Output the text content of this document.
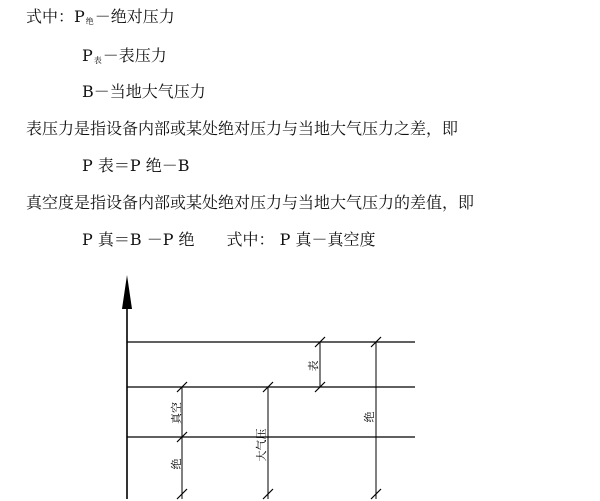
式中：$P_绝-$绝对压力
$P_表-$表压力
B－当地大气压力
表压力是指设备内部或某处绝对压力与当地大气压力之差，即
P 表＝P 绝－B
真空度是指设备内部或某处绝对压力与当地大气压力的差值，即
P 真＝B －P 绝　　式中： P 真－真空度
表
真空
绝
大气压
绝
